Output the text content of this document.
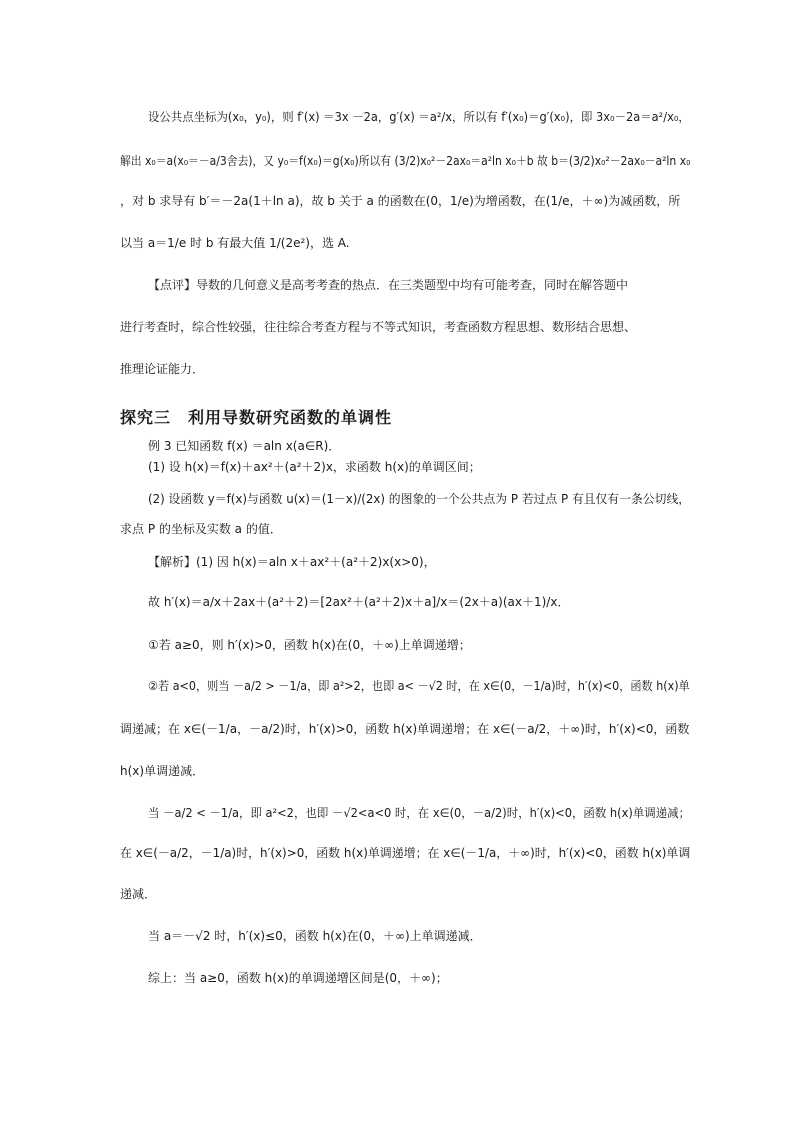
设公共点坐标为(x₀，y₀)，则 f′(x) ＝3x －2a，g′(x) ＝a²/x，所以有 f′(x₀)＝g′(x₀)，即 3x₀－2a＝a²/x₀，
解出 x₀＝a(x₀＝－a/3舍去)，又 y₀＝f(x₀)＝g(x₀)所以有 (3/2)x₀²－2ax₀＝a²ln x₀＋b 故 b＝(3/2)x₀²－2ax₀－a²ln x₀
，对 b 求导有 b′＝－2a(1＋ln a)，故 b 关于 a 的函数在(0，1/e)为增函数，在(1/e，＋∞)为减函数，所
以当 a＝1/e 时 b 有最大值 1/(2e²)，选 A.
【点评】导数的几何意义是高考考查的热点．在三类题型中均有可能考查，同时在解答题中
进行考查时，综合性较强，往往综合考查方程与不等式知识，考查函数方程思想、数形结合思想、
推理论证能力．
探究三　利用导数研究函数的单调性
例 3 已知函数 f(x) ＝aln x(a∈R)．
(1) 设 h(x)＝f(x)＋ax²＋(a²＋2)x，求函数 h(x)的单调区间；
(2) 设函数 y＝f(x)与函数 u(x)＝(1－x)/(2x) 的图象的一个公共点为 P 若过点 P 有且仅有一条公切线，
求点 P 的坐标及实数 a 的值．
【解析】(1) 因 h(x)＝aln x＋ax²＋(a²＋2)x(x>0)，
故 h′(x)＝a/x＋2ax＋(a²＋2)＝[2ax²＋(a²＋2)x＋a]/x＝(2x＋a)(ax＋1)/x．
①若 a≥0，则 h′(x)>0，函数 h(x)在(0，＋∞)上单调递增；
②若 a<0，则当 －a/2 > －1/a，即 a²>2，也即 a< －√2 时，在 x∈(0，－1/a)时，h′(x)<0，函数 h(x)单
调递减；在 x∈(－1/a，－a/2)时，h′(x)>0，函数 h(x)单调递增；在 x∈(－a/2，＋∞)时，h′(x)<0，函数
h(x)单调递减．
当 －a/2 < －1/a，即 a²<2，也即 －√2<a<0 时，在 x∈(0，－a/2)时，h′(x)<0，函数 h(x)单调递减；
在 x∈(－a/2，－1/a)时，h′(x)>0，函数 h(x)单调递增；在 x∈(－1/a，＋∞)时，h′(x)<0，函数 h(x)单调
递减．
当 a＝－√2 时，h′(x)≤0，函数 h(x)在(0，＋∞)上单调递减．
综上：当 a≥0，函数 h(x)的单调递增区间是(0，＋∞)；
